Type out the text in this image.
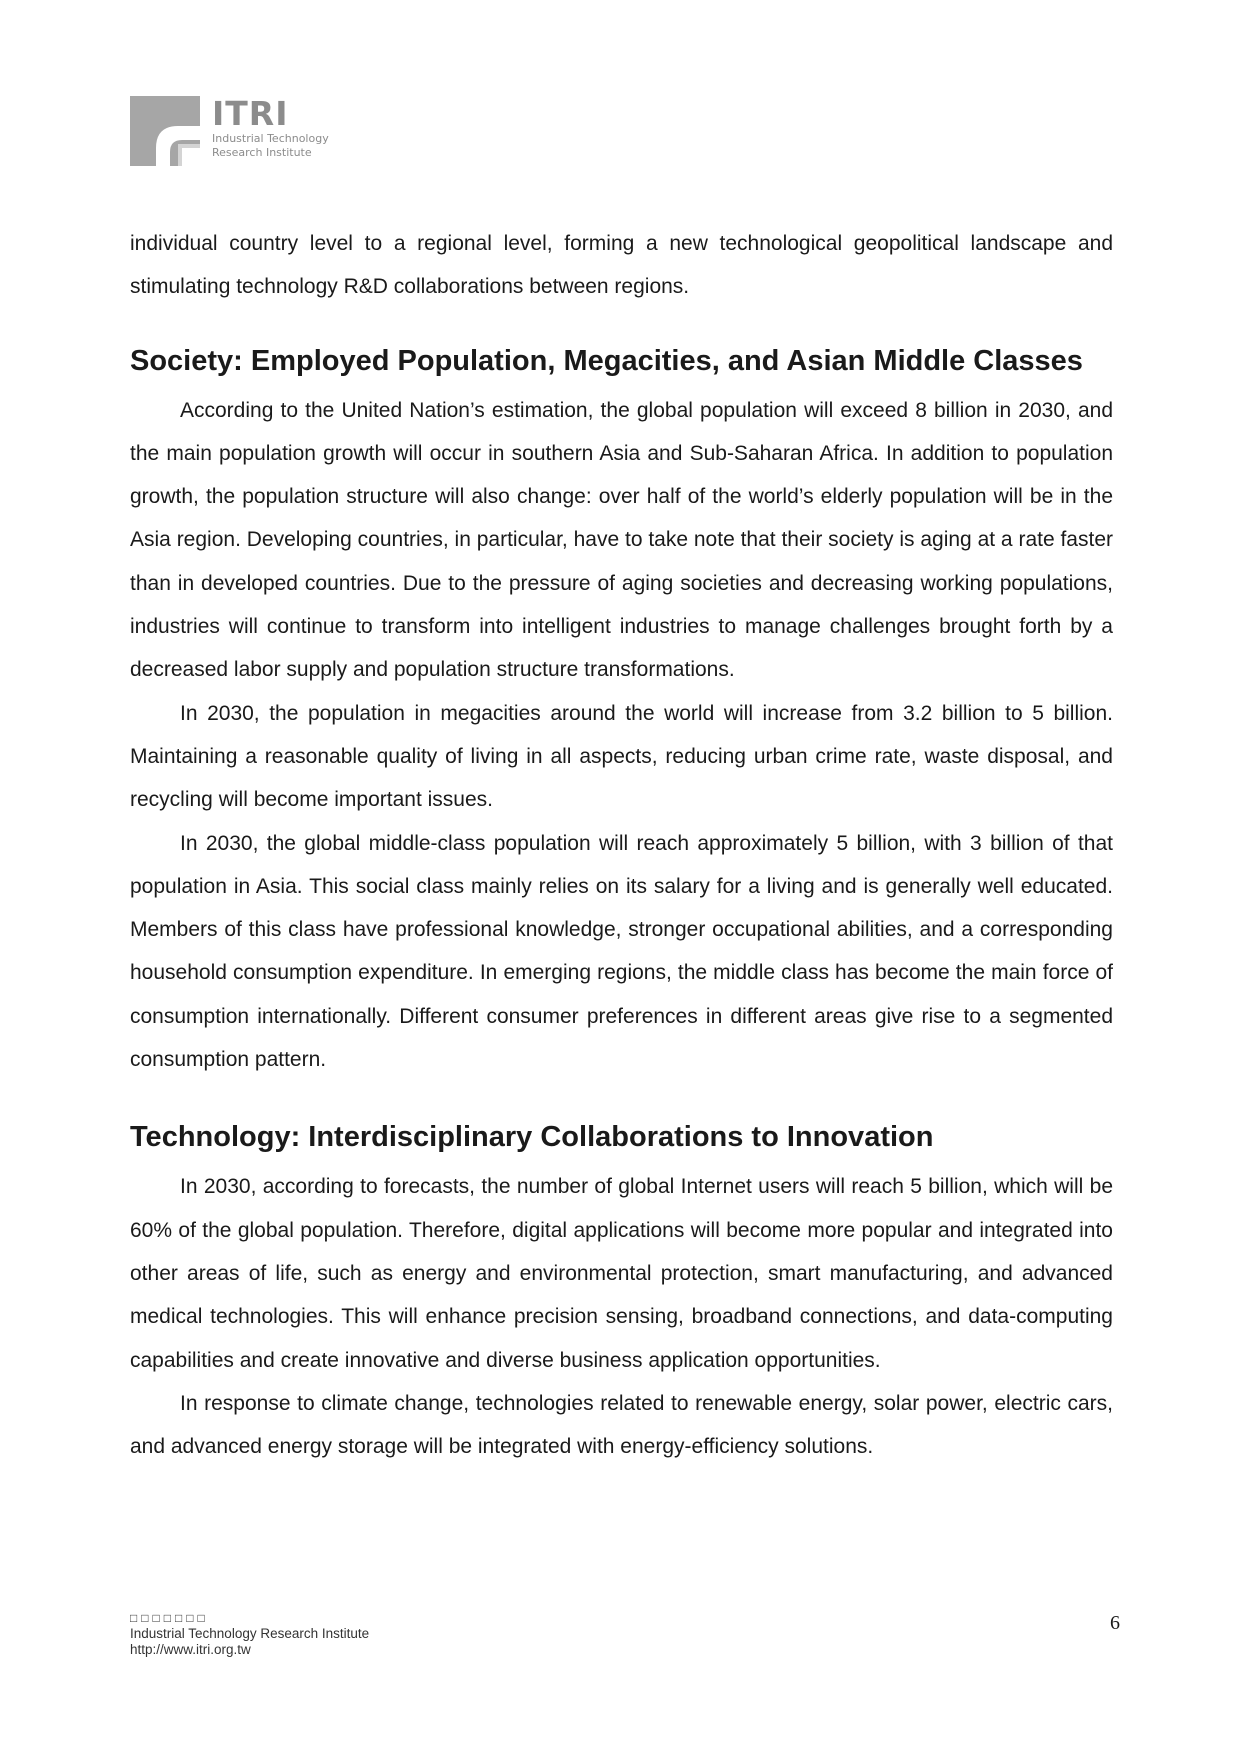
ITRI
Industrial Technology
Research Institute

individual country level to a regional level, forming a new technological geopolitical landscape and stimulating technology R&D collaborations between regions.

Society: Employed Population, Megacities, and Asian Middle Classes

According to the United Nation’s estimation, the global population will exceed 8 billion in 2030, and the main population growth will occur in southern Asia and Sub-Saharan Africa. In addition to population growth, the population structure will also change: over half of the world’s elderly population will be in the Asia region. Developing countries, in particular, have to take note that their society is aging at a rate faster than in developed countries. Due to the pressure of aging societies and decreasing working populations, industries will continue to transform into intelligent industries to manage challenges brought forth by a decreased labor supply and population structure transformations.

In 2030, the population in megacities around the world will increase from 3.2 billion to 5 billion. Maintaining a reasonable quality of living in all aspects, reducing urban crime rate, waste disposal, and recycling will become important issues.

In 2030, the global middle-class population will reach approximately 5 billion, with 3 billion of that population in Asia. This social class mainly relies on its salary for a living and is generally well educated. Members of this class have professional knowledge, stronger occupational abilities, and a corresponding household consumption expenditure. In emerging regions, the middle class has become the main force of consumption internationally. Different consumer preferences in different areas give rise to a segmented consumption pattern.

Technology: Interdisciplinary Collaborations to Innovation

In 2030, according to forecasts, the number of global Internet users will reach 5 billion, which will be 60% of the global population. Therefore, digital applications will become more popular and integrated into other areas of life, such as energy and environmental protection, smart manufacturing, and advanced medical technologies. This will enhance precision sensing, broadband connections, and data-computing capabilities and create innovative and diverse business application opportunities.

In response to climate change, technologies related to renewable energy, solar power, electric cars, and advanced energy storage will be integrated with energy-efficiency solutions.

□□□□□□□
Industrial Technology Research Institute
http://www.itri.org.tw
6
